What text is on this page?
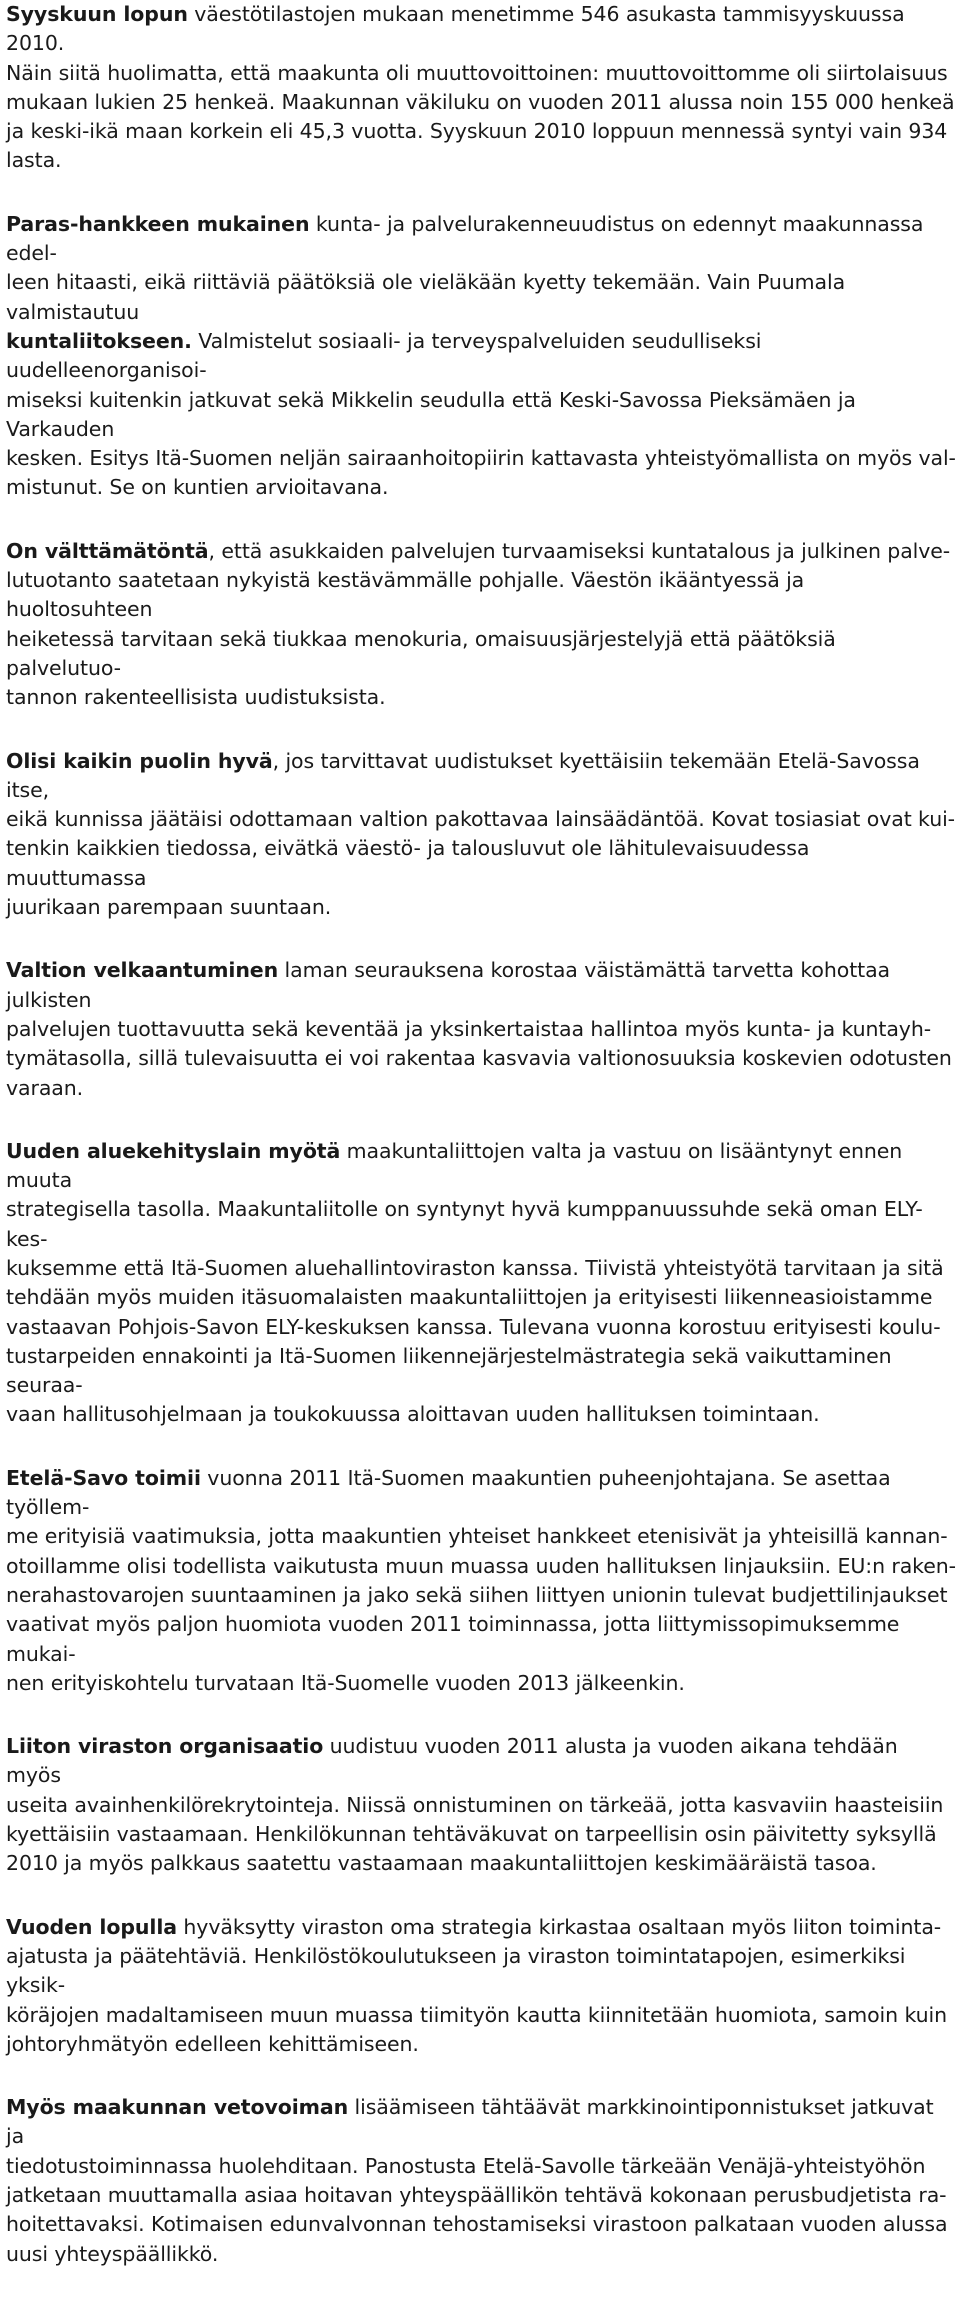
Syyskuun lopun väestötilastojen mukaan menetimme 546 asukasta tammisyyskuussa 2010.
Näin siitä huolimatta, että maakunta oli muuttovoittoinen: muuttovoittomme oli siirtolaisuus
mukaan lukien 25 henkeä. Maakunnan väkiluku on vuoden 2011 alussa noin 155 000 henkeä
ja keski-ikä maan korkein eli 45,3 vuotta. Syyskuun 2010 loppuun mennessä syntyi vain 934
lasta.

Paras-hankkeen mukainen kunta- ja palvelurakenneuudistus on edennyt maakunnassa edel-
leen hitaasti, eikä riittäviä päätöksiä ole vieläkään kyetty tekemään. Vain Puumala valmistautuu
kuntaliitokseen. Valmistelut sosiaali- ja terveyspalveluiden seudulliseksi uudelleenorganisoi-
miseksi kuitenkin jatkuvat sekä Mikkelin seudulla että Keski-Savossa Pieksämäen ja Varkauden
kesken. Esitys Itä-Suomen neljän sairaanhoitopiirin kattavasta yhteistyömallista on myös val-
mistunut. Se on kuntien arvioitavana.

On välttämätöntä, että asukkaiden palvelujen turvaamiseksi kuntatalous ja julkinen palve-
lutuotanto saatetaan nykyistä kestävämmälle pohjalle. Väestön ikääntyessä ja huoltosuhteen
heiketessä tarvitaan sekä tiukkaa menokuria, omaisuusjärjestelyjä että päätöksiä palvelutuo-
tannon rakenteellisista uudistuksista.

Olisi kaikin puolin hyvä, jos tarvittavat uudistukset kyettäisiin tekemään Etelä-Savossa itse,
eikä kunnissa jäätäisi odottamaan valtion pakottavaa lainsäädäntöä. Kovat tosiasiat ovat kui-
tenkin kaikkien tiedossa, eivätkä väestö- ja talousluvut ole lähitulevaisuudessa muuttumassa
juurikaan parempaan suuntaan.

Valtion velkaantuminen laman seurauksena korostaa väistämättä tarvetta kohottaa julkisten
palvelujen tuottavuutta sekä keventää ja yksinkertaistaa hallintoa myös kunta- ja kuntayh-
tymätasolla, sillä tulevaisuutta ei voi rakentaa kasvavia valtionosuuksia koskevien odotusten
varaan.

Uuden aluekehityslain myötä maakuntaliittojen valta ja vastuu on lisääntynyt ennen muuta
strategisella tasolla. Maakuntaliitolle on syntynyt hyvä kumppanuussuhde sekä oman ELY- kes-
kuksemme että Itä-Suomen aluehallintoviraston kanssa. Tiivistä yhteistyötä tarvitaan ja sitä
tehdään myös muiden itäsuomalaisten maakuntaliittojen ja erityisesti liikenneasioistamme
vastaavan Pohjois-Savon ELY-keskuksen kanssa. Tulevana vuonna korostuu erityisesti koulu-
tustarpeiden ennakointi ja Itä-Suomen liikennejärjestelmästrategia sekä vaikuttaminen seuraa-
vaan hallitusohjelmaan ja toukokuussa aloittavan uuden hallituksen toimintaan.

Etelä-Savo toimii vuonna 2011 Itä-Suomen maakuntien puheenjohtajana. Se asettaa työllem-
me erityisiä vaatimuksia, jotta maakuntien yhteiset hankkeet etenisivät ja yhteisillä kannan-
otoillamme olisi todellista vaikutusta muun muassa uuden hallituksen linjauksiin. EU:n raken-
nerahastovarojen suuntaaminen ja jako sekä siihen liittyen unionin tulevat budjettilinjaukset
vaativat myös paljon huomiota vuoden 2011 toiminnassa, jotta liittymissopimuksemme mukai-
nen erityiskohtelu turvataan Itä-Suomelle vuoden 2013 jälkeenkin.

Liiton viraston organisaatio uudistuu vuoden 2011 alusta ja vuoden aikana tehdään myös
useita avainhenkilörekrytointeja. Niissä onnistuminen on tärkeää, jotta kasvaviin haasteisiin
kyettäisiin vastaamaan. Henkilökunnan tehtäväkuvat on tarpeellisin osin päivitetty syksyllä
2010 ja myös palkkaus saatettu vastaamaan maakuntaliittojen keskimääräistä tasoa.

Vuoden lopulla hyväksytty viraston oma strategia kirkastaa osaltaan myös liiton toiminta-
ajatusta ja päätehtäviä. Henkilöstökoulutukseen ja viraston toimintatapojen, esimerkiksi yksik-
köräjojen madaltamiseen muun muassa tiimityön kautta kiinnitetään huomiota, samoin kuin
johtoryhmätyön edelleen kehittämiseen.

Myös maakunnan vetovoiman lisäämiseen tähtäävät markkinointiponnistukset jatkuvat ja
tiedotustoiminnassa huolehditaan. Panostusta Etelä-Savolle tärkeään Venäjä-yhteistyöhön
jatketaan muuttamalla asiaa hoitavan yhteyspäällikön tehtävä kokonaan perusbudjetista ra-
hoitettavaksi. Kotimaisen edunvalvonnan tehostamiseksi virastoon palkataan vuoden alussa
uusi yhteyspäällikkö.
